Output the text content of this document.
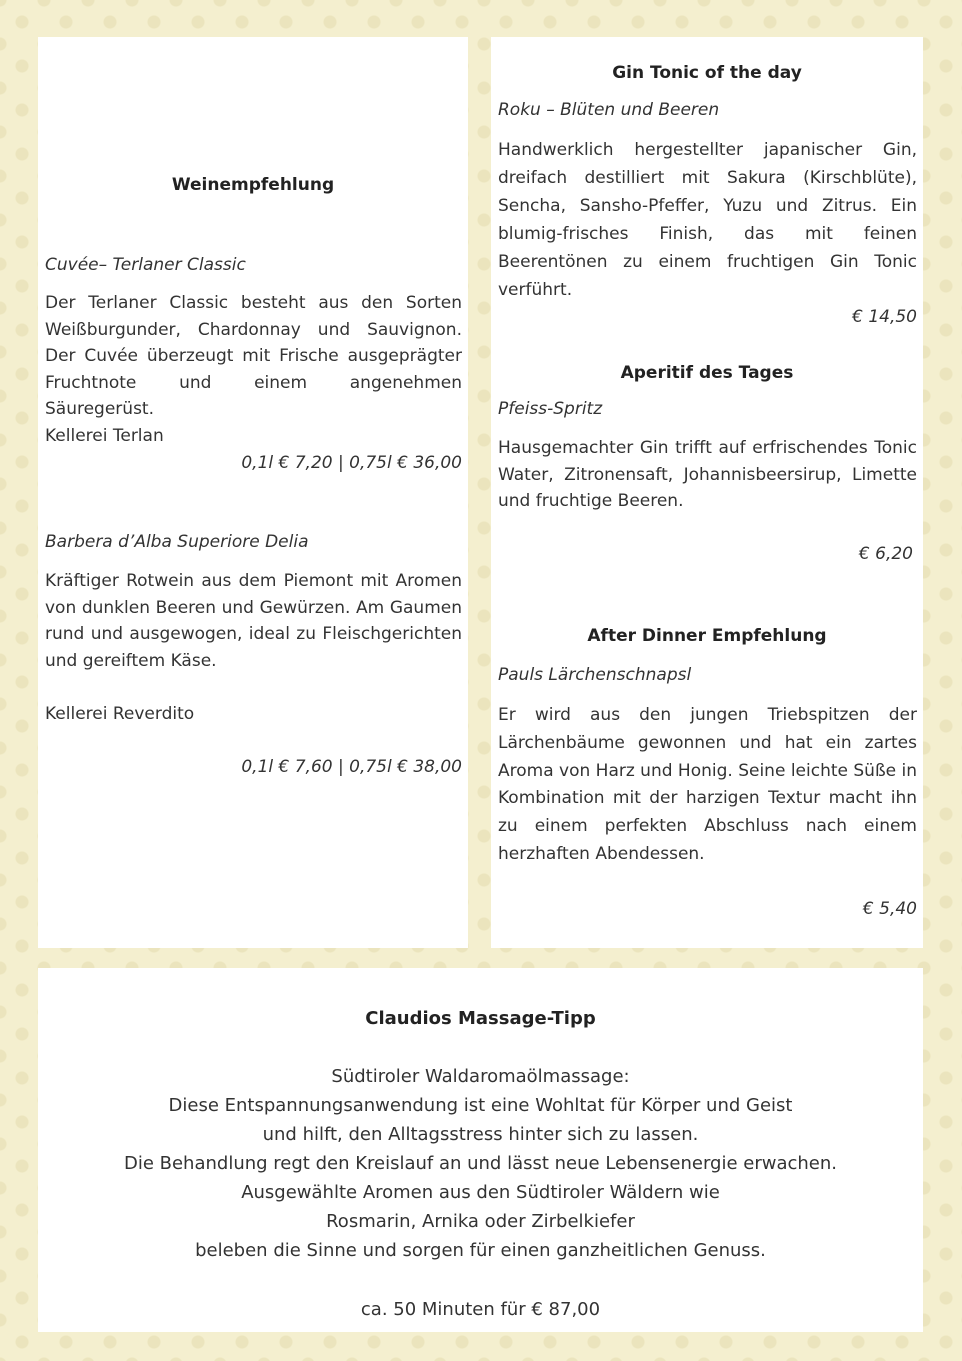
Weinempfehlung
Cuvée– Terlaner Classic
Der Terlaner Classic besteht aus den Sorten Weißburgunder, Chardonnay und Sauvignon. Der Cuvée überzeugt mit Frische ausgeprägter Fruchtnote und einem angenehmen Säuregerüst.
Kellerei Terlan
0,1l € 7,20 | 0,75l € 36,00
Barbera d’Alba Superiore Delia
Kräftiger Rotwein aus dem Piemont mit Aromen von dunklen Beeren und Gewürzen. Am Gaumen rund und ausgewogen, ideal zu Fleischgerichten und gereiftem Käse.
Kellerei Reverdito
0,1l € 7,60 | 0,75l € 38,00
Gin Tonic of the day
Roku – Blüten und Beeren
Handwerklich hergestellter japanischer Gin, dreifach destilliert mit Sakura (Kirschblüte), Sencha, Sansho-Pfeffer, Yuzu und Zitrus. Ein blumig-frisches Finish, das mit feinen Beerentönen zu einem fruchtigen Gin Tonic verführt.
€ 14,50
Aperitif des Tages
Pfeiss-Spritz
Hausgemachter Gin trifft auf erfrischendes Tonic Water, Zitronensaft, Johannisbeersirup, Limette und fruchtige Beeren.
€ 6,20
After Dinner Empfehlung
Pauls Lärchenschnapsl
Er wird aus den jungen Triebspitzen der Lärchenbäume gewonnen und hat ein zartes Aroma von Harz und Honig. Seine leichte Süße in Kombination mit der harzigen Textur macht ihn zu einem perfekten Abschluss nach einem herzhaften Abendessen.
€ 5,40
Claudios Massage-Tipp
Südtiroler Waldaromaölmassage:
Diese Entspannungsanwendung ist eine Wohltat für Körper und Geist
und hilft, den Alltagsstress hinter sich zu lassen.
Die Behandlung regt den Kreislauf an und lässt neue Lebensenergie erwachen.
Ausgewählte Aromen aus den Südtiroler Wäldern wie
Rosmarin, Arnika oder Zirbelkiefer
beleben die Sinne und sorgen für einen ganzheitlichen Genuss.
ca. 50 Minuten für € 87,00
